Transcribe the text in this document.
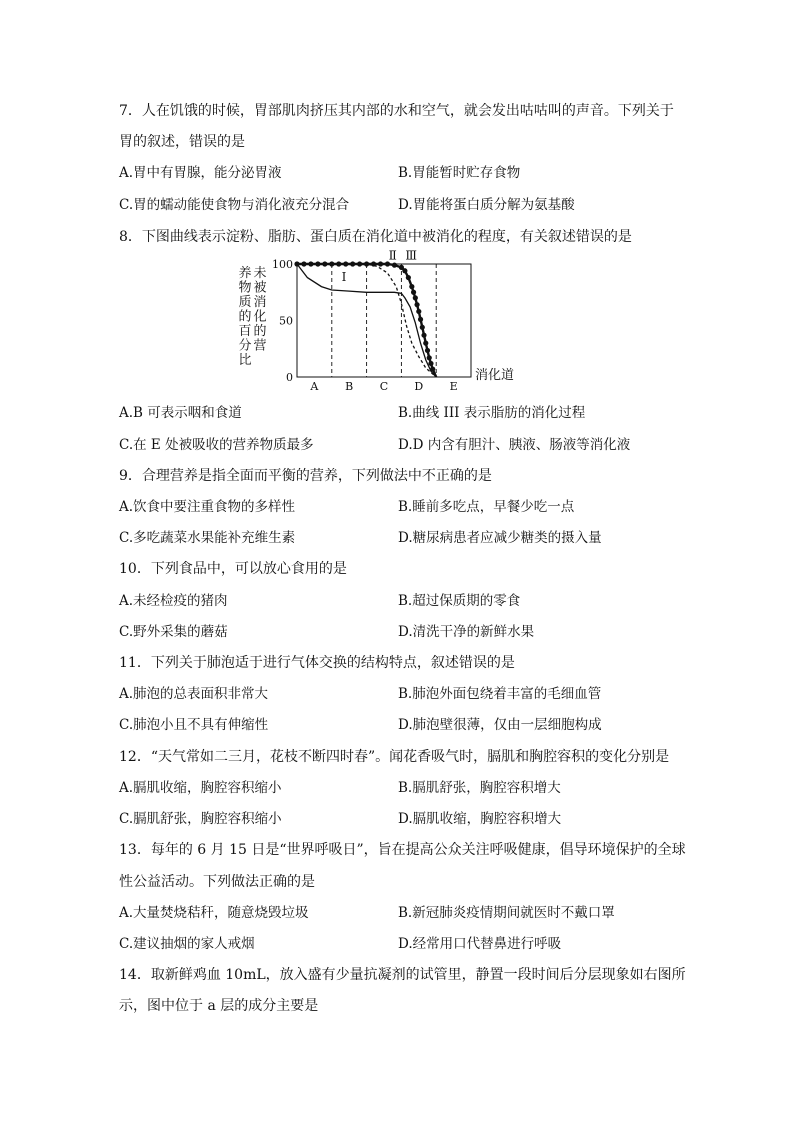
7．人在饥饿的时候，胃部肌肉挤压其内部的水和空气，就会发出咕咕叫的声音。下列关于
胃的叙述，错误的是
A.胃中有胃腺，能分泌胃液	B.胃能暂时贮存食物
C.胃的蠕动能使食物与消化液充分混合	D.胃能将蛋白质分解为氨基酸
8．下图曲线表示淀粉、脂肪、蛋白质在消化道中被消化的程度，有关叙述错误的是
未
被
消
化
的
营
养
物
质
的
百
分
比
100
50
0
Ⅰ
Ⅱ Ⅲ
A B C D E
消化道
A.B 可表示咽和食道	B.曲线 III 表示脂肪的消化过程
C.在 E 处被吸收的营养物质最多	D.D 内含有胆汁、胰液、肠液等消化液
9．合理营养是指全面而平衡的营养，下列做法中不正确的是
A.饮食中要注重食物的多样性	B.睡前多吃点，早餐少吃一点
C.多吃蔬菜水果能补充维生素	D.糖尿病患者应减少糖类的摄入量
10．下列食品中，可以放心食用的是
A.未经检疫的猪肉	B.超过保质期的零食
C.野外采集的蘑菇	D.清洗干净的新鲜水果
11．下列关于肺泡适于进行气体交换的结构特点，叙述错误的是
A.肺泡的总表面积非常大	B.肺泡外面包绕着丰富的毛细血管
C.肺泡小且不具有伸缩性	D.肺泡壁很薄，仅由一层细胞构成
12．“天气常如二三月，花枝不断四时春”。闻花香吸气时，膈肌和胸腔容积的变化分别是
A.膈肌收缩，胸腔容积缩小	B.膈肌舒张，胸腔容积增大
C.膈肌舒张，胸腔容积缩小	D.膈肌收缩，胸腔容积增大
13．每年的 6 月 15 日是“世界呼吸日”，旨在提高公众关注呼吸健康，倡导环境保护的全球
性公益活动。下列做法正确的是
A.大量焚烧秸秆，随意烧毁垃圾	B.新冠肺炎疫情期间就医时不戴口罩
C.建议抽烟的家人戒烟	D.经常用口代替鼻进行呼吸
14．取新鲜鸡血 10mL，放入盛有少量抗凝剂的试管里，静置一段时间后分层现象如右图所
示，图中位于 a 层的成分主要是
